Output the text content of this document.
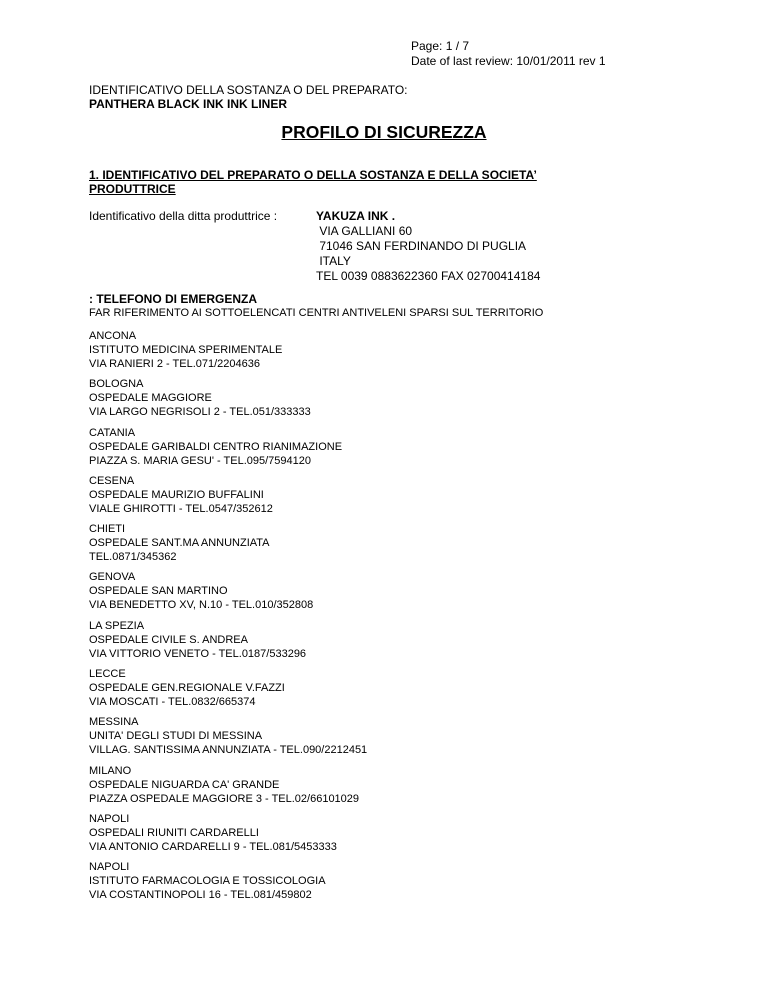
Page: 1 / 7
Date of last review: 10/01/2011 rev 1
IDENTIFICATIVO DELLA SOSTANZA O DEL PREPARATO:
PANTHERA BLACK INK INK LINER
PROFILO DI SICUREZZA
1. IDENTIFICATIVO DEL PREPARATO O DELLA SOSTANZA E DELLA SOCIETA’
PRODUTTRICE
Identificativo della ditta produttrice :	YAKUZA INK .
VIA GALLIANI 60
71046 SAN FERDINANDO DI PUGLIA
ITALY
TEL 0039 0883622360 FAX 02700414184
: TELEFONO DI EMERGENZA
FAR RIFERIMENTO AI SOTTOELENCATI CENTRI ANTIVELENI SPARSI SUL TERRITORIO
ANCONA
ISTITUTO MEDICINA SPERIMENTALE
VIA RANIERI 2 - TEL.071/2204636
BOLOGNA
OSPEDALE MAGGIORE
VIA LARGO NEGRISOLI 2 - TEL.051/333333
CATANIA
OSPEDALE GARIBALDI CENTRO RIANIMAZIONE
PIAZZA S. MARIA GESU' - TEL.095/7594120
CESENA
OSPEDALE MAURIZIO BUFFALINI
VIALE GHIROTTI - TEL.0547/352612
CHIETI
OSPEDALE SANT.MA ANNUNZIATA
TEL.0871/345362
GENOVA
OSPEDALE SAN MARTINO
VIA BENEDETTO XV, N.10 - TEL.010/352808
LA SPEZIA
OSPEDALE CIVILE S. ANDREA
VIA VITTORIO VENETO - TEL.0187/533296
LECCE
OSPEDALE GEN.REGIONALE V.FAZZI
VIA MOSCATI - TEL.0832/665374
MESSINA
UNITA' DEGLI STUDI DI MESSINA
VILLAG. SANTISSIMA ANNUNZIATA - TEL.090/2212451
MILANO
OSPEDALE NIGUARDA CA' GRANDE
PIAZZA OSPEDALE MAGGIORE 3 - TEL.02/66101029
NAPOLI
OSPEDALI RIUNITI CARDARELLI
VIA ANTONIO CARDARELLI 9 - TEL.081/5453333
NAPOLI
ISTITUTO FARMACOLOGIA E TOSSICOLOGIA
VIA COSTANTINOPOLI 16 - TEL.081/459802
